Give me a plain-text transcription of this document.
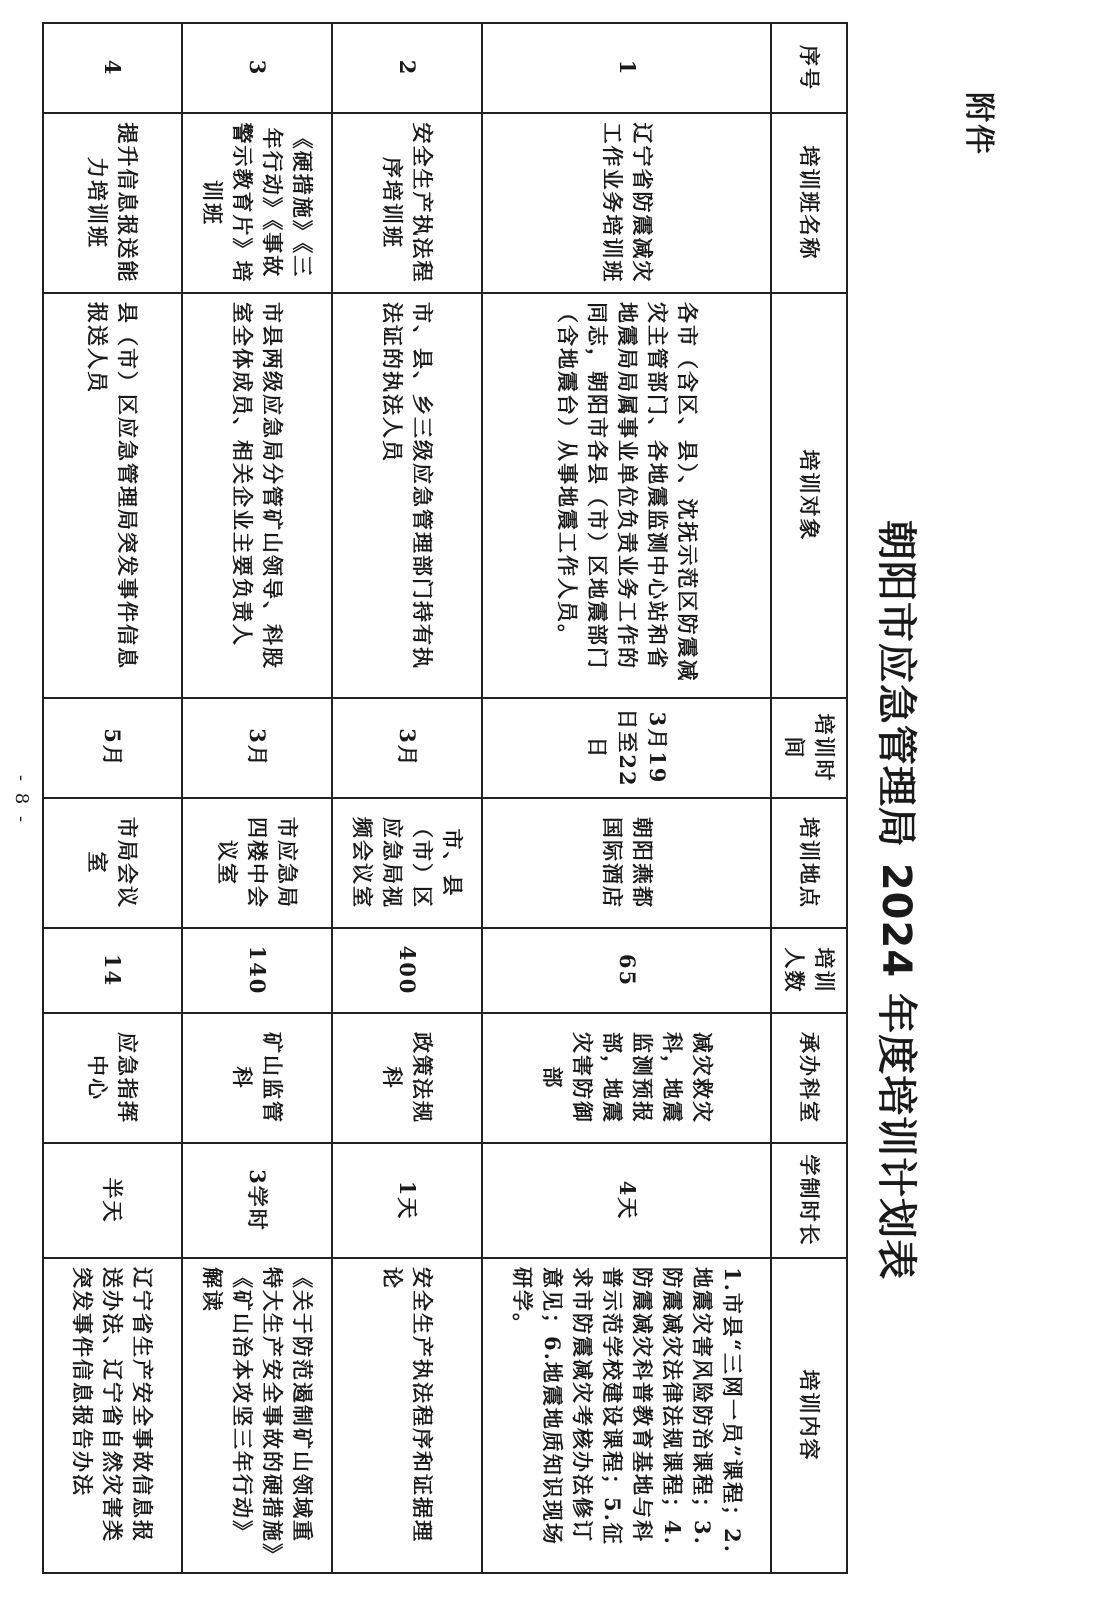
附件
朝阳市应急管理局 2024 年度培训计划表
序号	培训班名称	培训对象	培训时间	培训地点	培训人数	承办科室	学制时长	培训内容
1	辽宁省防震减灾工作业务培训班	各市（含区、县）、沈抚示范区防震减灾主管部门、各地震监测中心站和省地震局局属事业单位负责业务工作的同志，朝阳市各县（市）区地震部门（含地震台）从事地震工作人员。	3月19日至22日	朝阳燕都国际酒店	65	减灾救灾科，地震监测预报部，地震灾害防御部	4天	1.市县“三网一员”课程；2.地震灾害风险防治课程；3.防震减灾法律法规课程；4.防震减灾科普教育基地与科普示范学校建设课程；5.征求市防震减灾考核办法修订意见；6.地震地质知识现场研学。
2	安全生产执法程序培训班	市、县、乡三级应急管理部门持有执法证的执法人员	3月	市、县（市）区应急局视频会议室	400	政策法规科	1天	安全生产执法程序和证据理论
3	《硬措施》《三年行动》《事故警示教育片》培训班	市县两级应急局分管矿山领导、科股室全体成员、相关企业主要负责人	3月	市应急局四楼中会议室	140	矿山监管科	3学时	《关于防范遏制矿山领域重特大生产安全事故的硬措施》《矿山治本攻坚三年行动》解读
4	提升信息报送能力培训班	县（市）区应急管理局突发事件信息报送人员	5月	市局会议室	14	应急指挥中心	半天	辽宁省生产安全事故信息报送办法、辽宁省自然灾害类突发事件信息报告办法
- 8 -
